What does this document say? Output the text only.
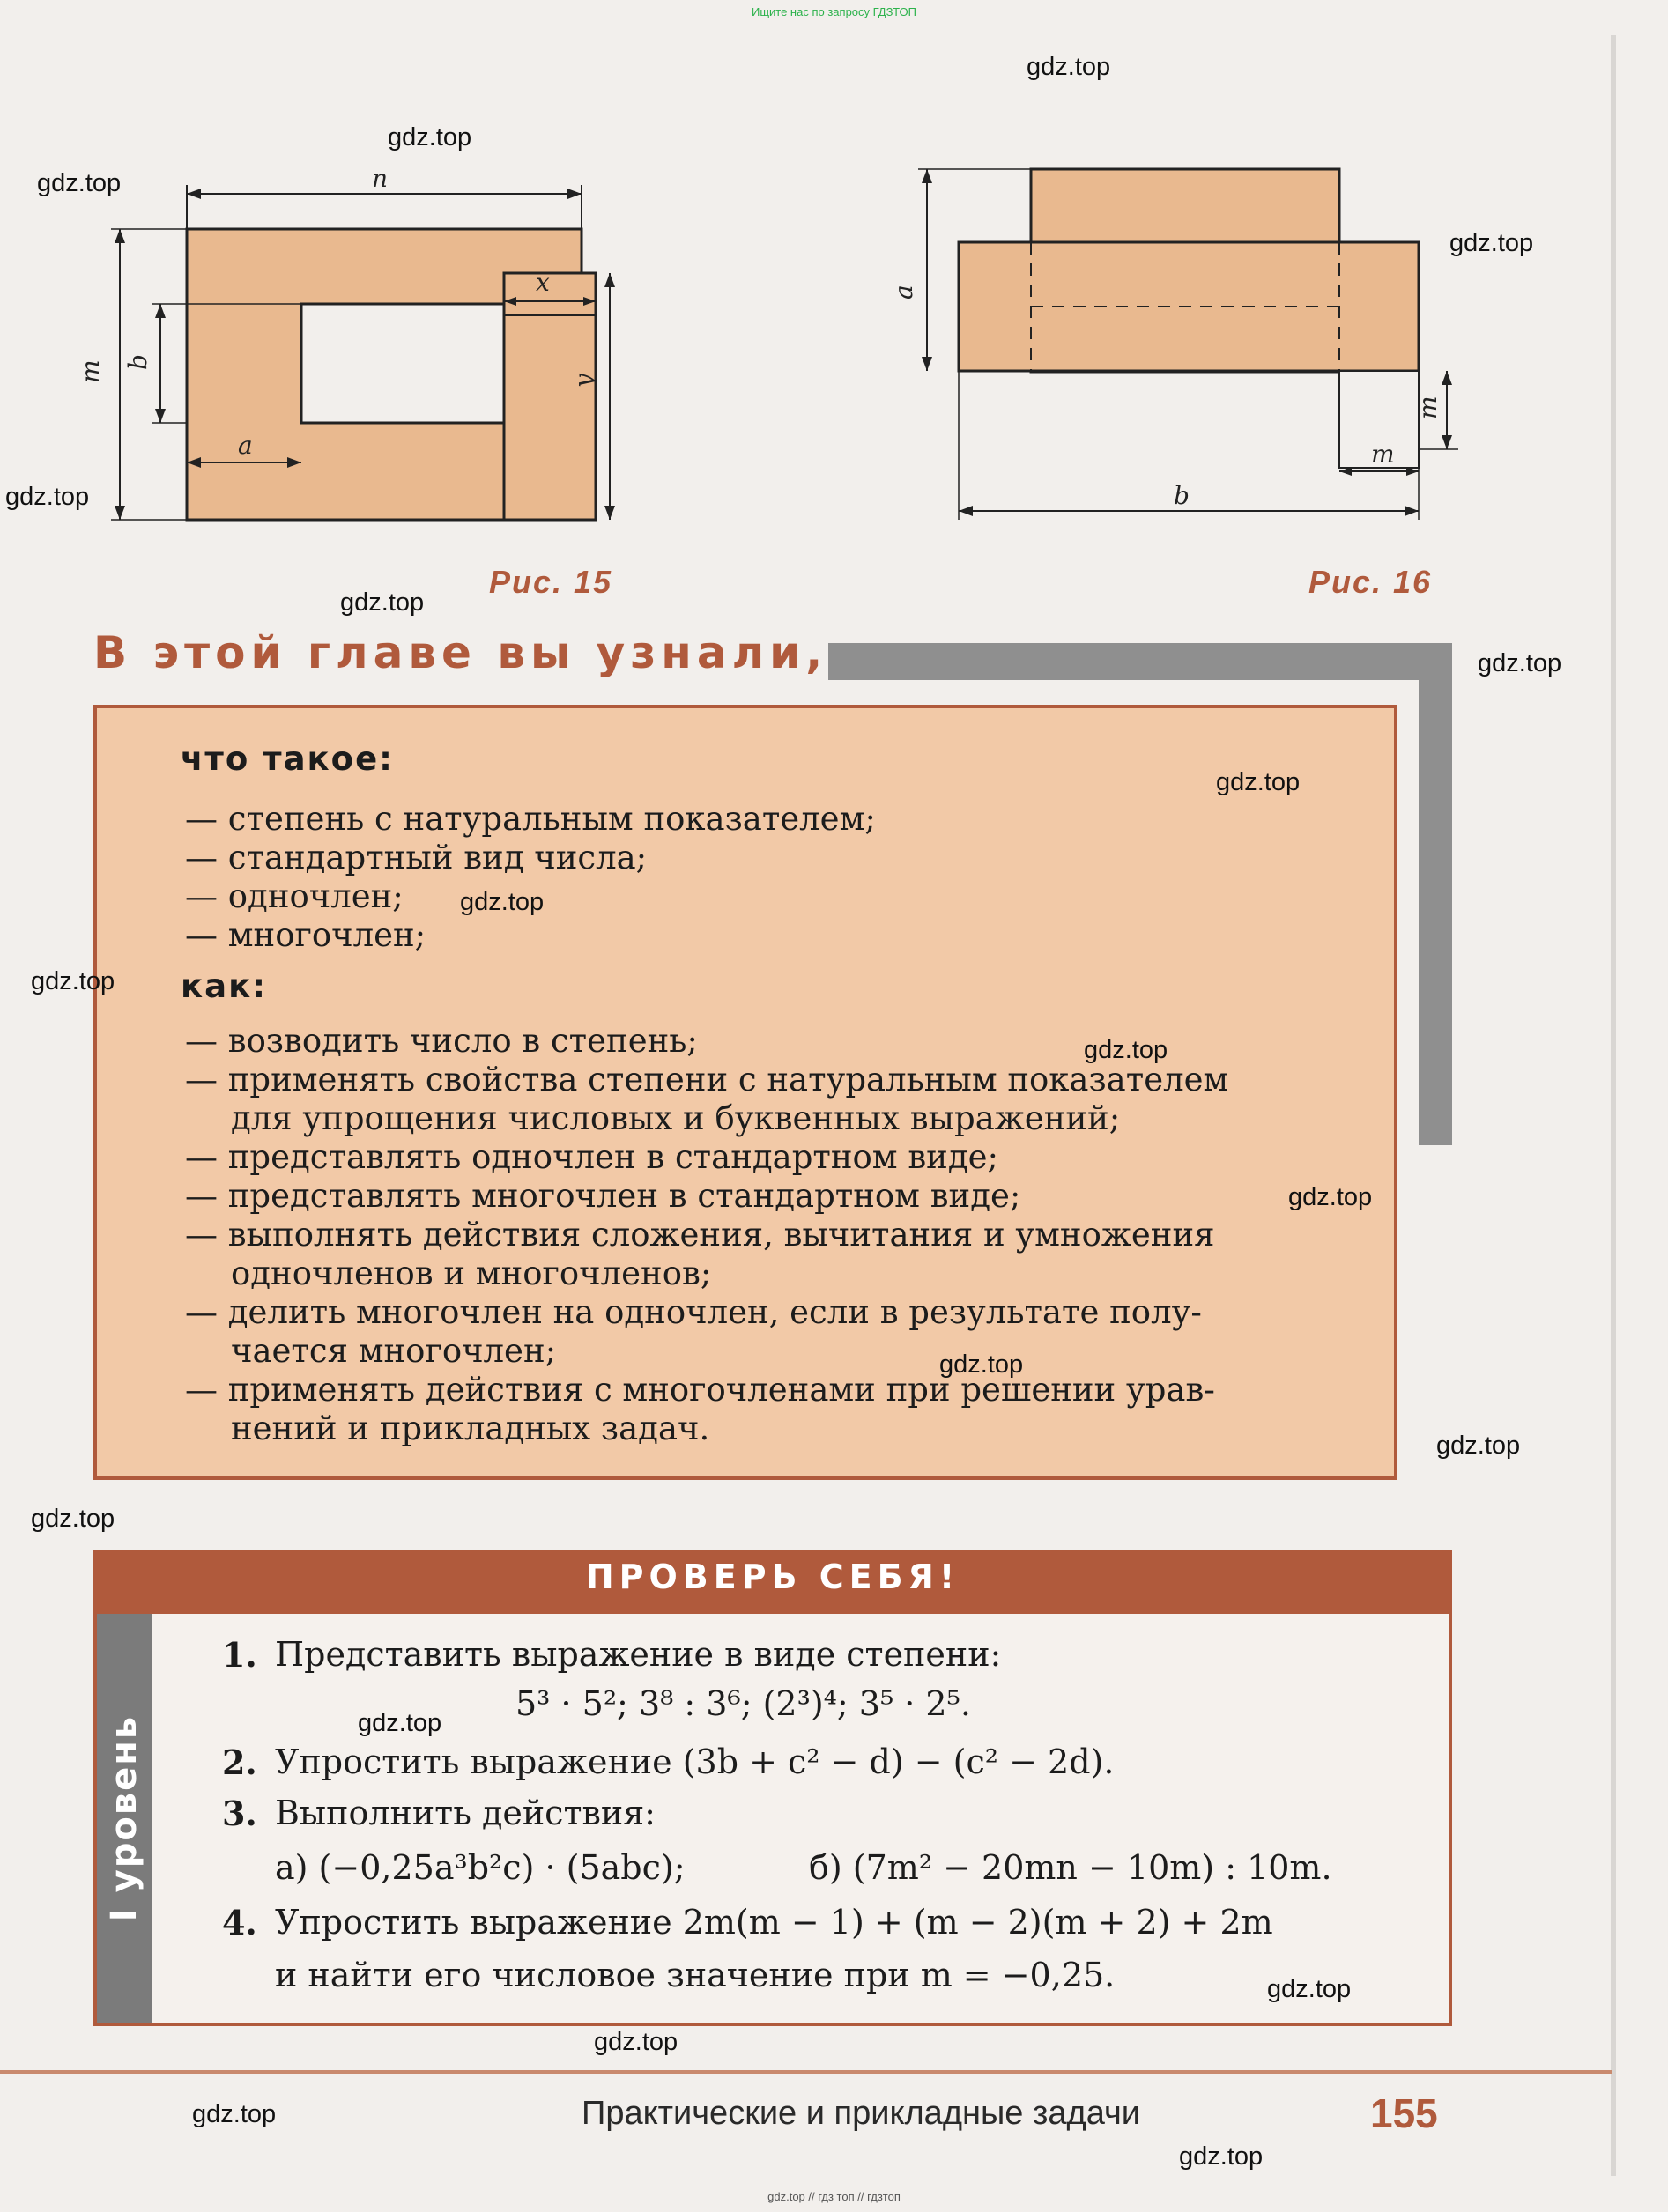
Ищите нас по запросу ГДЗТОП
n
m b
a
x
y
Рис. 15
a
m
m
b
Рис. 16
В этой главе вы узнали,
что такое:
— степень с натуральным показателем;
— стандартный вид числа;
— одночлен;
— многочлен;
как:
— возводить число в степень;
— применять свойства степени с натуральным показателем
для упрощения числовых и буквенных выражений;
— представлять одночлен в стандартном виде;
— представлять многочлен в стандартном виде;
— выполнять действия сложения, вычитания и умножения
одночленов и многочленов;
— делить многочлен на одночлен, если в результате полу-
чается многочлен;
— применять действия с многочленами при решении урав-
нений и прикладных задач.
ПРОВЕРЬ СЕБЯ!
I уровень
1. Представить выражение в виде степени:
5³ · 5²; 3⁸ : 3⁶; (2³)⁴; 3⁵ · 2⁵.
2. Упростить выражение (3b + c² − d) − (c² − 2d).
3. Выполнить действия:
а) (−0,25a³b²c) · (5abc);	б) (7m² − 20mn − 10m) : 10m.
4. Упростить выражение 2m(m − 1) + (m − 2)(m + 2) + 2m
и найти его числовое значение при m = −0,25.
Практические и прикладные задачи	155
gdz.top
gdz.top
gdz.top
gdz.top
gdz.top
gdz.top
gdz.top
gdz.top
gdz.top
gdz.top
gdz.top
gdz.top
gdz.top
gdz.top
gdz.top
gdz.top
gdz.top
gdz.top
gdz.top
gdz.top
gdz.top // гдз топ // гдзтоп
